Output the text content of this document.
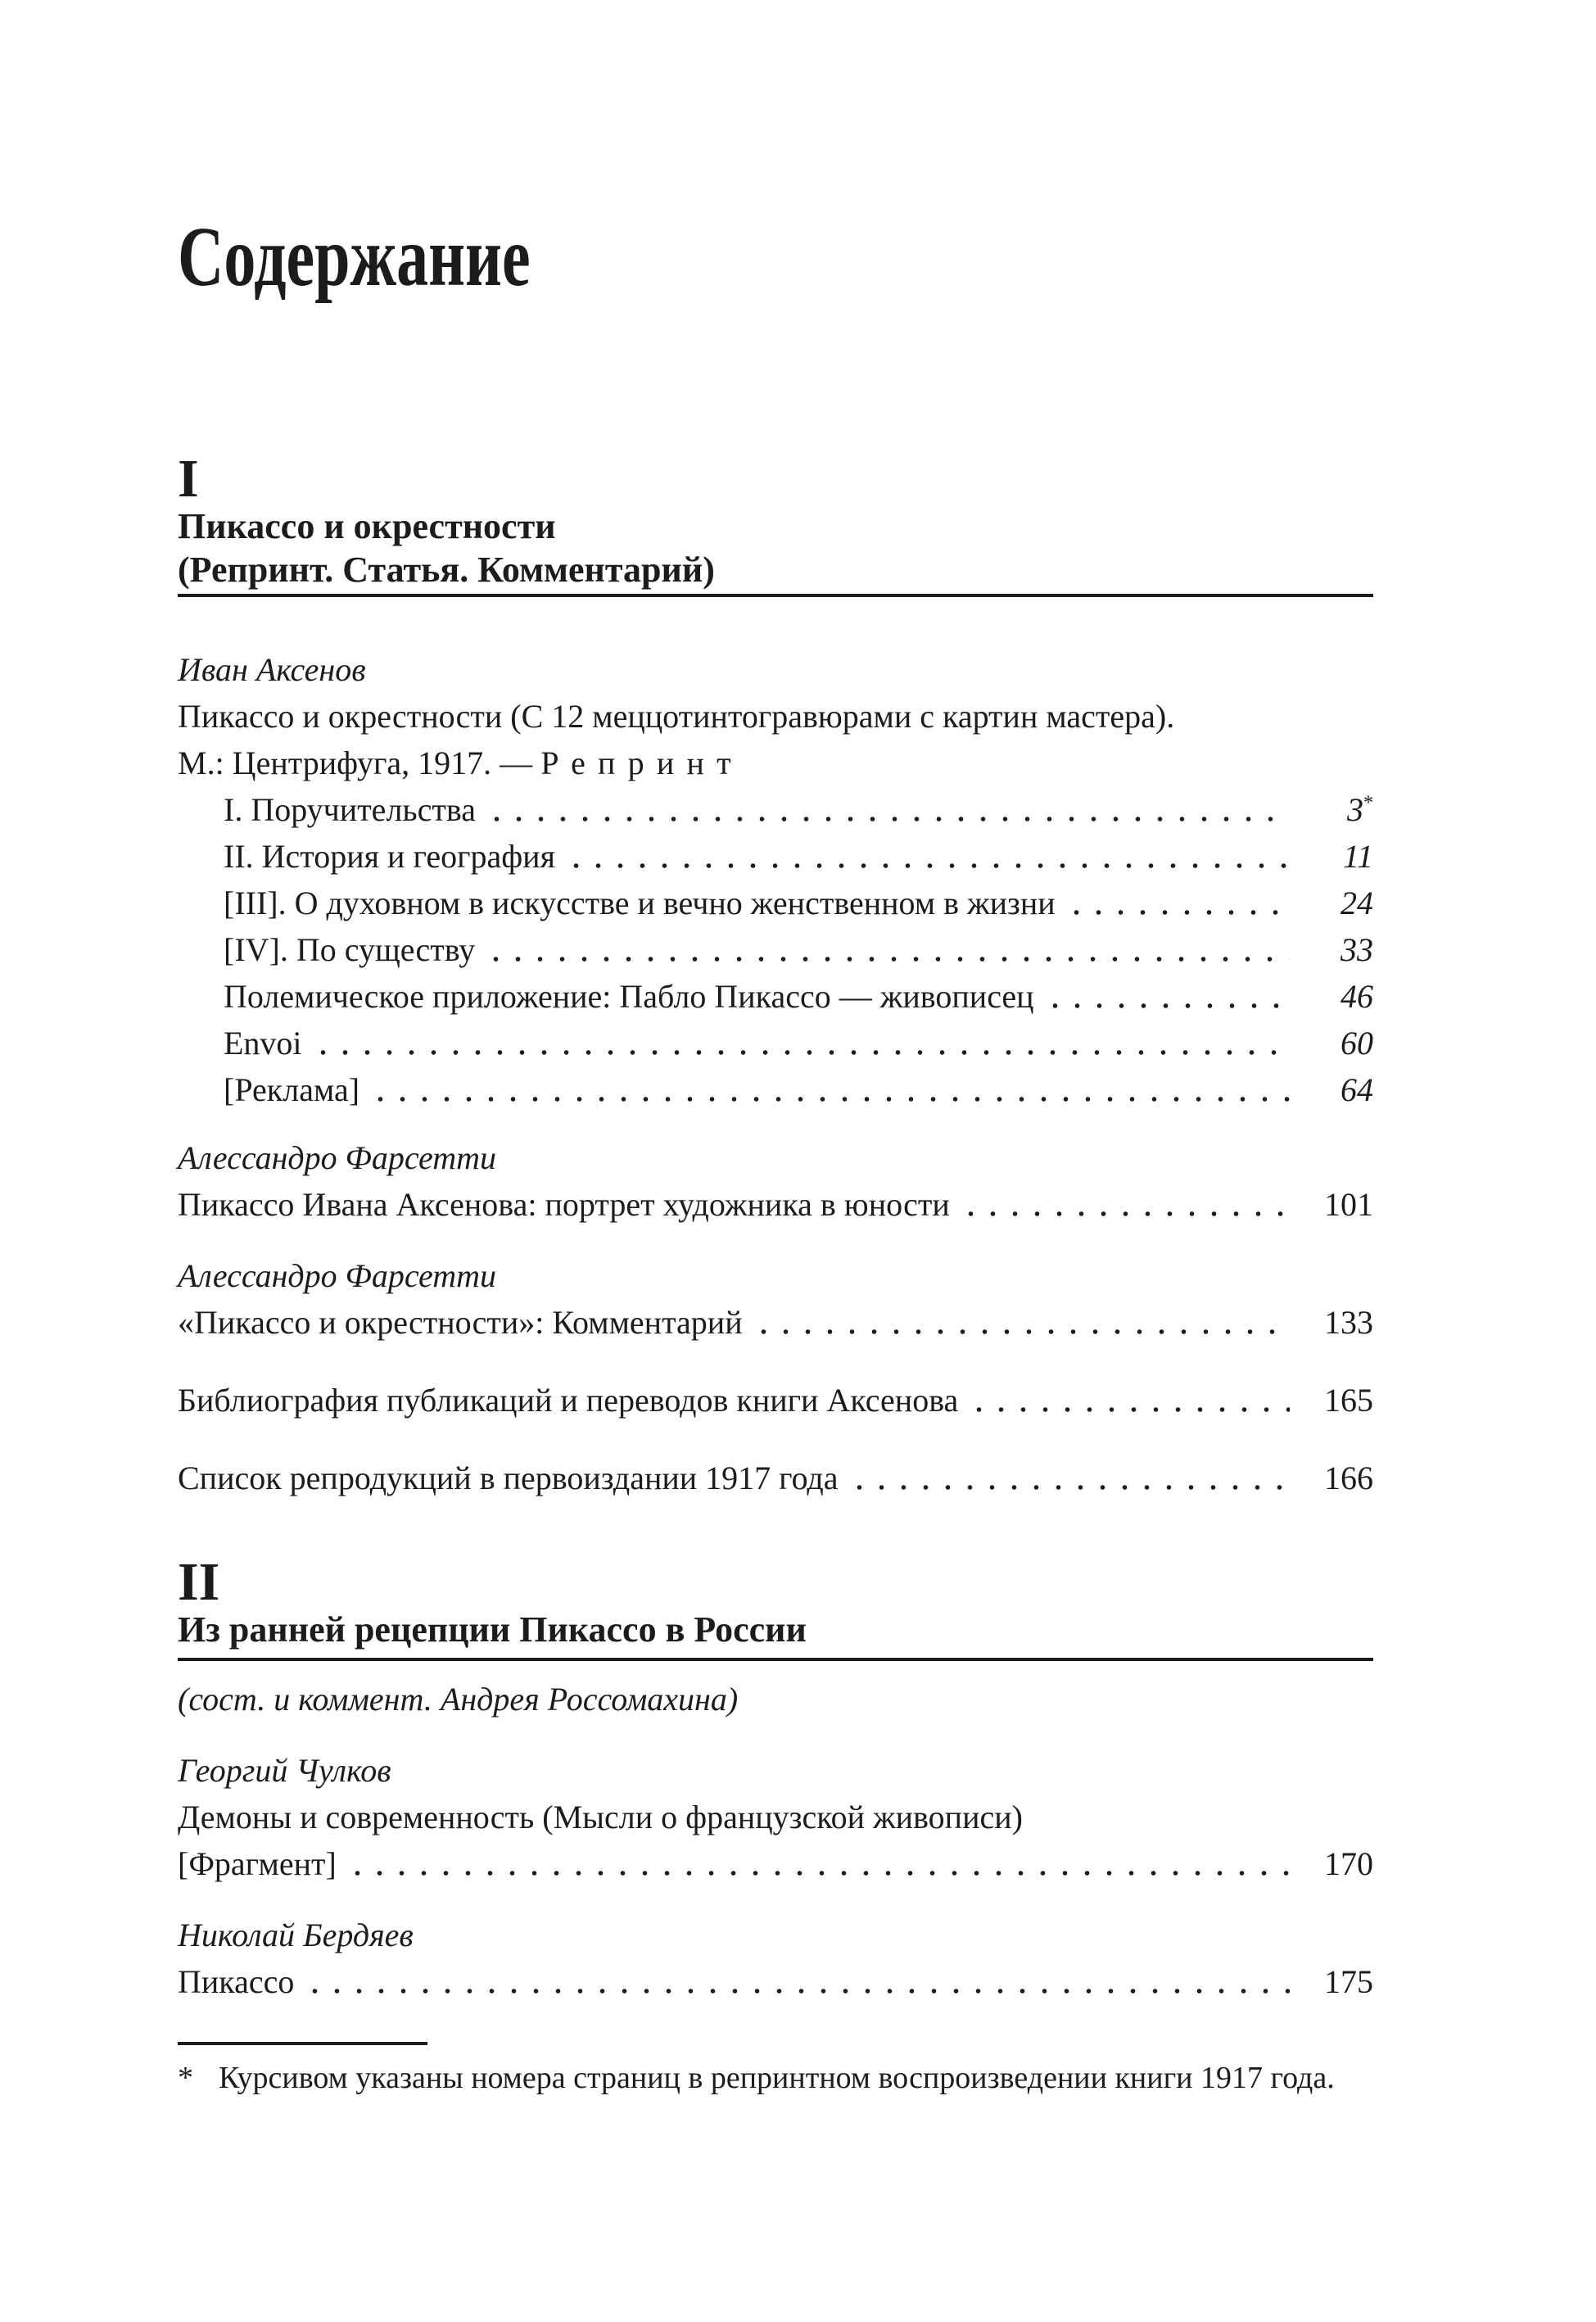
Содержание
I
Пикассо и окрестности
(Репринт. Статья. Комментарий)
Иван Аксенов
Пикассо и окрестности (С 12 меццотинтогравюрами с картин мастера).
М.: Центрифуга, 1917. — Репринт
I. Поручительства	3*
II. История и география	11
[III]. О духовном в искусстве и вечно женственном в жизни	24
[IV]. По существу	33
Полемическое приложение: Пабло Пикассо — живописец	46
Envoi	60
[Реклама]	64
Алессандро Фарсетти
Пикассо Ивана Аксенова: портрет художника в юности	101
Алессандро Фарсетти
«Пикассо и окрестности»: Комментарий	133
Библиография публикаций и переводов книги Аксенова	165
Список репродукций в первоиздании 1917 года	166
II
Из ранней рецепции Пикассо в России
(сост. и коммент. Андрея Россомахина)
Георгий Чулков
Демоны и современность (Мысли о французской живописи)
[Фрагмент]	170
Николай Бердяев
Пикассо	175
* Курсивом указаны номера страниц в репринтном воспроизведении книги 1917 года.
